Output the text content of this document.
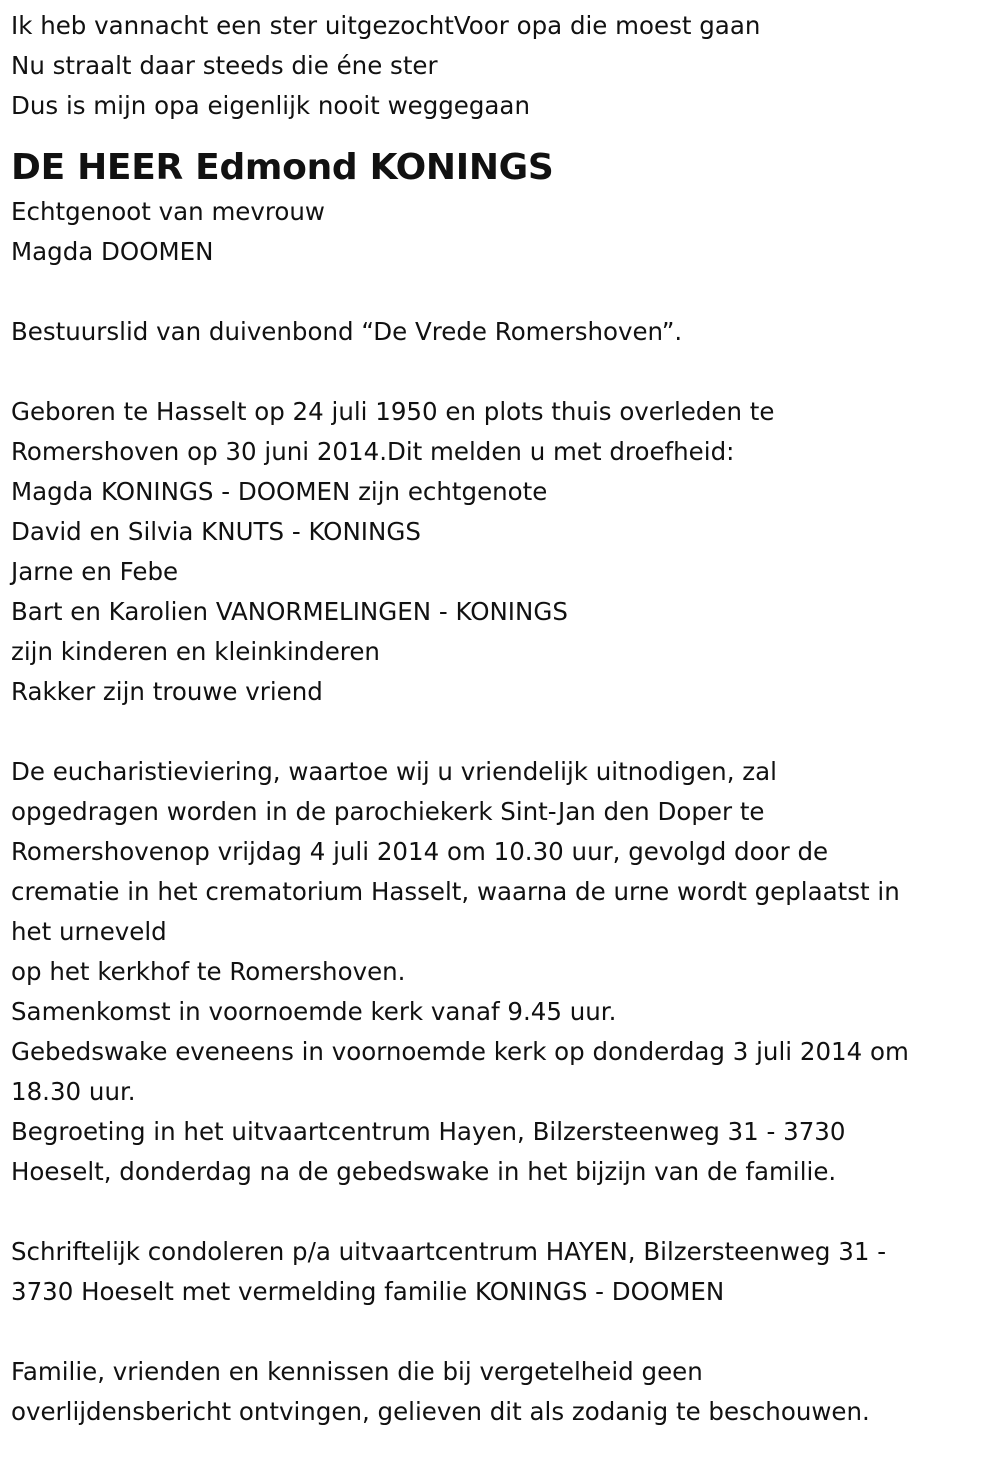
Ik heb vannacht een ster uitgezochtVoor opa die moest gaan
Nu straalt daar steeds die éne ster
Dus is mijn opa eigenlijk nooit weggegaan
DE HEER Edmond KONINGS
Echtgenoot van mevrouw
Magda DOOMEN
Bestuurslid van duivenbond “De Vrede Romershoven”.
Geboren te Hasselt op 24 juli 1950 en plots thuis overleden te
Romershoven op 30 juni 2014.Dit melden u met droefheid:
Magda KONINGS - DOOMEN zijn echtgenote
David en Silvia KNUTS - KONINGS
Jarne en Febe
Bart en Karolien VANORMELINGEN - KONINGS
zijn kinderen en kleinkinderen
Rakker zijn trouwe vriend
De eucharistieviering, waartoe wij u vriendelijk uitnodigen, zal
opgedragen worden in de parochiekerk Sint-Jan den Doper te
Romershovenop vrijdag 4 juli 2014 om 10.30 uur, gevolgd door de
crematie in het crematorium Hasselt, waarna de urne wordt geplaatst in
het urneveld
op het kerkhof te Romershoven.
Samenkomst in voornoemde kerk vanaf 9.45 uur.
Gebedswake eveneens in voornoemde kerk op donderdag 3 juli 2014 om
18.30 uur.
Begroeting in het uitvaartcentrum Hayen, Bilzersteenweg 31 - 3730
Hoeselt, donderdag na de gebedswake in het bijzijn van de familie.
Schriftelijk condoleren p/a uitvaartcentrum HAYEN, Bilzersteenweg 31 -
3730 Hoeselt met vermelding familie KONINGS - DOOMEN
Familie, vrienden en kennissen die bij vergetelheid geen
overlijdensbericht ontvingen, gelieven dit als zodanig te beschouwen.
